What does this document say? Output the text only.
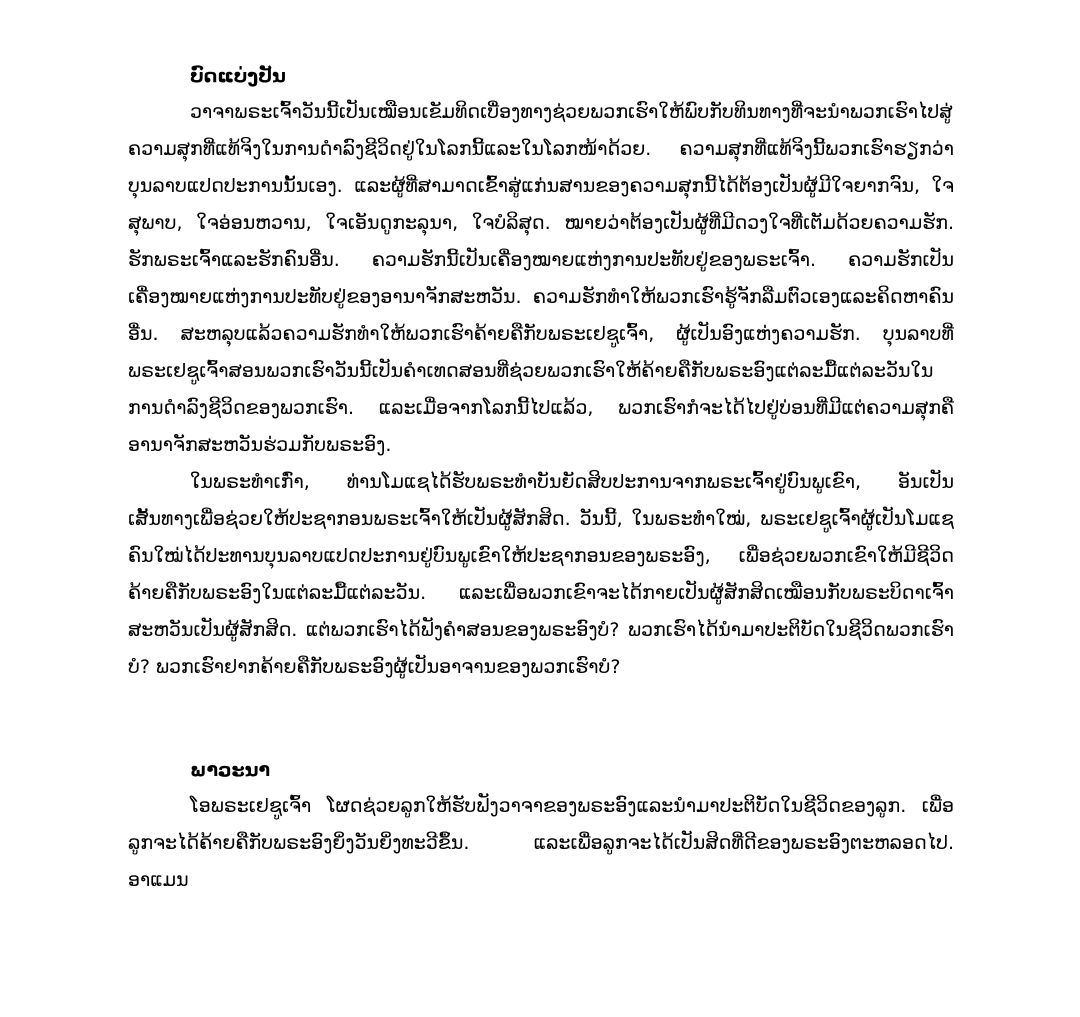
ບົດແບ່ງປັນ

ວາຈາພຣະເຈົ້າວັນນີ້ເປັນເໝືອນເຂັມທິດເບື່ອງທາງຊ່ວຍພວກເຮົາໃຫ້ພົບກັບທິນທາງທີ່ຈະນຳພວກເຮົາໄປສູ່ຄວາມສຸກທີ່ແທ້ຈິງໃນການດຳລົງຊີວິດຢູ່ໃນໂລກນີ້ແລະໃນໂລກໜ້າດ້ວຍ. ຄວາມສຸກທີ່ແທ້ຈິງນີ້ພວກເຮົາຮຽກວ່າ ບຸນລາບແປດປະການນັ້ນເອງ. ແລະຜູ້ທີ່ສາມາດເຂົ້າສູ່ແກ່ນສານຂອງຄວາມສຸກນີ້ໄດ້ຕ້ອງເປັນຜູ້ມີໃຈຍາກຈົນ, ໃຈສຸພາບ, ໃຈອ່ອນຫວານ, ໃຈເອັນດູກະລຸນາ, ໃຈບໍລິສຸດ. ໝາຍວ່າຕ້ອງເປັນຜູ້ທີ່ມີດວງໃຈທີ່ເຕັມດ້ວຍຄວາມຮັກ. ຮັກພຣະເຈົ້າແລະຮັກຄົນອື່ນ. ຄວາມຮັກນີ້ເປັນເຄື່ອງໝາຍແຫ່ງການປະທັບຢູ່ຂອງພຣະເຈົ້າ. ຄວາມຮັກເປັນເຄື່ອງໝາຍແຫ່ງການປະທັບຢູ່ຂອງອານາຈັກສະຫວັນ. ຄວາມຮັກທຳໃຫ້ພວກເຮົາຮູ້ຈັກລືມຕົວເອງແລະຄິດຫາຄົນອື່ນ. ສະຫລຸບແລ້ວຄວາມຮັກທຳໃຫ້ພວກເຮົາຄ້າຍຄືກັບພຣະເຢຊູເຈົ້າ, ຜູ້ເປັນອົງແຫ່ງຄວາມຮັກ. ບຸນລາບທີ່ພຣະເຢຊູເຈົ້າສອນພວກເຮົາວັນນີ້ເປັນຄຳເທດສອນທີ່ຊ່ວຍພວກເຮົາໃຫ້ຄ້າຍຄືກັບພຣະອົງແຕ່ລະມື້ແຕ່ລະວັນໃນການດຳລົງຊີວິດຂອງພວກເຮົາ. ແລະເມື່ອຈາກໂລກນີ້ໄປແລ້ວ, ພວກເຮົາກໍຈະໄດ້ໄປຢູ່ບ່ອນທີ່ມີແຕ່ຄວາມສຸກຄືອານາຈັກສະຫວັນຮ່ວມກັບພຣະອົງ.

ໃນພຣະທຳເກົ່າ, ທ່ານໂມແຊໄດ້ຮັບພຣະທຳບັນຍັດສິບປະການຈາກພຣະເຈົ້າຢູ່ບົນພູເຂົາ, ອັນເປັນເສັ້ນທາງເພື່ອຊ່ວຍໃຫ້ປະຊາກອນພຣະເຈົ້າໃຫ້ເປັນຜູ້ສັກສິດ. ວັນນີ້, ໃນພຣະທຳໃໝ່, ພຣະເຢຊູເຈົ້າຜູ້ເປັນໂມແຊຄົນໃໝ່ໄດ້ປະທານບຸນລາບແປດປະການຢູ່ບົນພູເຂົາໃຫ້ປະຊາກອນຂອງພຣະອົງ, ເພື່ອຊ່ວຍພວກເຂົາໃຫ້ມີຊີວິດຄ້າຍຄືກັບພຣະອົງໃນແຕ່ລະມື້ແຕ່ລະວັນ. ແລະເພື່ອພວກເຂົາຈະໄດ້ກາຍເປັນຜູ້ສັກສິດເໝືອນກັບພຣະບິດາເຈົ້າສະຫວັນເປັນຜູ້ສັກສິດ. ແຕ່ພວກເຮົາໄດ້ຟັງຄຳສອນຂອງພຣະອົງບໍ? ພວກເຮົາໄດ້ນຳມາປະຕິບັດໃນຊີວິດພວກເຮົາບໍ? ພວກເຮົາຢາກຄ້າຍຄືກັບພຣະອົງຜູ້ເປັນອາຈານຂອງພວກເຮົາບໍ?

ພາວະນາ

ໂອພຣະເຢຊູເຈົ້າ ໂຜດຊ່ວຍລູກໃຫ້ຮັບຟັງວາຈາຂອງພຣະອົງແລະນຳມາປະຕິບັດໃນຊີວິດຂອງລູກ. ເພື່ອລູກຈະໄດ້ຄ້າຍຄືກັບພຣະອົງຍິ່ງວັນຍິ່ງທະວີຂຶ້ນ. ແລະເພື່ອລູກຈະໄດ້ເປັນສິດທີ່ດີຂອງພຣະອົງຕະຫລອດໄປ. ອາແມນ
